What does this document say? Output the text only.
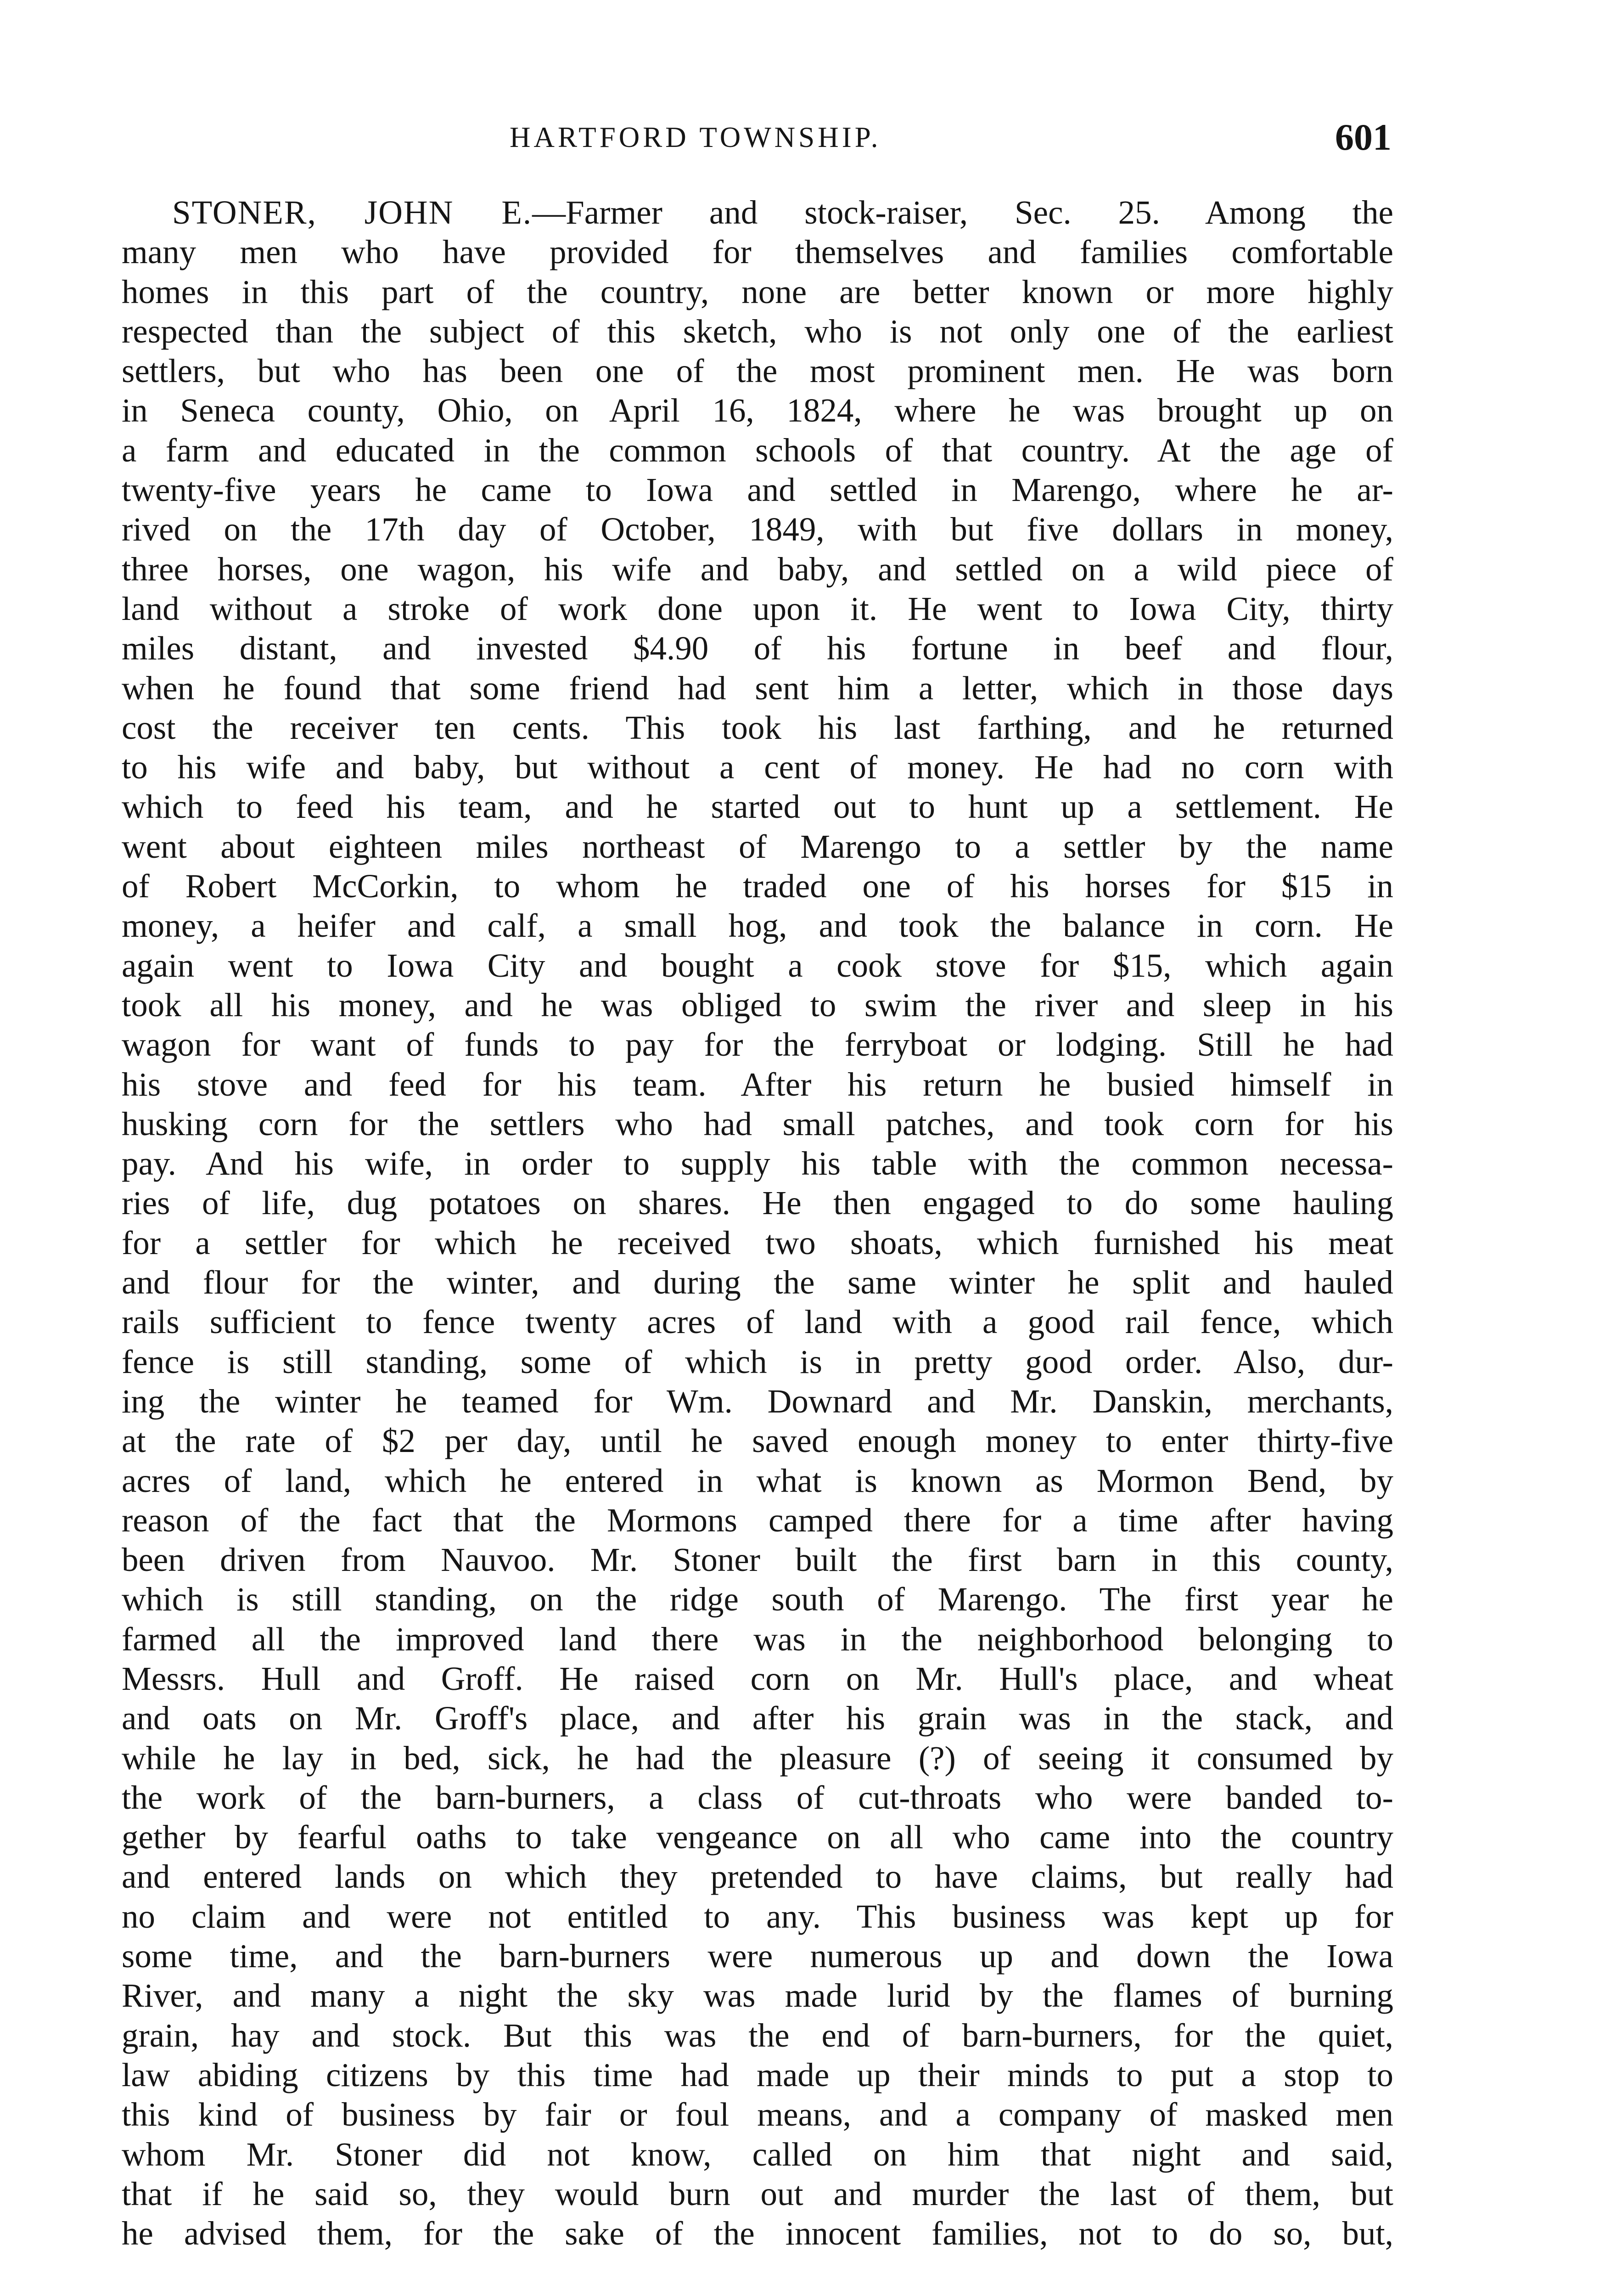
HARTFORD TOWNSHIP.	601
STONER, JOHN E.—Farmer and stock-raiser, Sec. 25. Among the
many men who have provided for themselves and families comfortable
homes in this part of the country, none are better known or more highly
respected than the subject of this sketch, who is not only one of the earliest
settlers, but who has been one of the most prominent men. He was born
in Seneca county, Ohio, on April 16, 1824, where he was brought up on
a farm and educated in the common schools of that country. At the age of
twenty-five years he came to Iowa and settled in Marengo, where he ar-
rived on the 17th day of October, 1849, with but five dollars in money,
three horses, one wagon, his wife and baby, and settled on a wild piece of
land without a stroke of work done upon it. He went to Iowa City, thirty
miles distant, and invested $4.90 of his fortune in beef and flour,
when he found that some friend had sent him a letter, which in those days
cost the receiver ten cents. This took his last farthing, and he returned
to his wife and baby, but without a cent of money. He had no corn with
which to feed his team, and he started out to hunt up a settlement. He
went about eighteen miles northeast of Marengo to a settler by the name
of Robert McCorkin, to whom he traded one of his horses for $15 in
money, a heifer and calf, a small hog, and took the balance in corn. He
again went to Iowa City and bought a cook stove for $15, which again
took all his money, and he was obliged to swim the river and sleep in his
wagon for want of funds to pay for the ferryboat or lodging. Still he had
his stove and feed for his team. After his return he busied himself in
husking corn for the settlers who had small patches, and took corn for his
pay. And his wife, in order to supply his table with the common necessa-
ries of life, dug potatoes on shares. He then engaged to do some hauling
for a settler for which he received two shoats, which furnished his meat
and flour for the winter, and during the same winter he split and hauled
rails sufficient to fence twenty acres of land with a good rail fence, which
fence is still standing, some of which is in pretty good order. Also, dur-
ing the winter he teamed for Wm. Downard and Mr. Danskin, merchants,
at the rate of $2 per day, until he saved enough money to enter thirty-five
acres of land, which he entered in what is known as Mormon Bend, by
reason of the fact that the Mormons camped there for a time after having
been driven from Nauvoo. Mr. Stoner built the first barn in this county,
which is still standing, on the ridge south of Marengo. The first year he
farmed all the improved land there was in the neighborhood belonging to
Messrs. Hull and Groff. He raised corn on Mr. Hull's place, and wheat
and oats on Mr. Groff's place, and after his grain was in the stack, and
while he lay in bed, sick, he had the pleasure (?) of seeing it consumed by
the work of the barn-burners, a class of cut-throats who were banded to-
gether by fearful oaths to take vengeance on all who came into the country
and entered lands on which they pretended to have claims, but really had
no claim and were not entitled to any. This business was kept up for
some time, and the barn-burners were numerous up and down the Iowa
River, and many a night the sky was made lurid by the flames of burning
grain, hay and stock. But this was the end of barn-burners, for the quiet,
law abiding citizens by this time had made up their minds to put a stop to
this kind of business by fair or foul means, and a company of masked men
whom Mr. Stoner did not know, called on him that night and said,
that if he said so, they would burn out and murder the last of them, but
he advised them, for the sake of the innocent families, not to do so, but,
